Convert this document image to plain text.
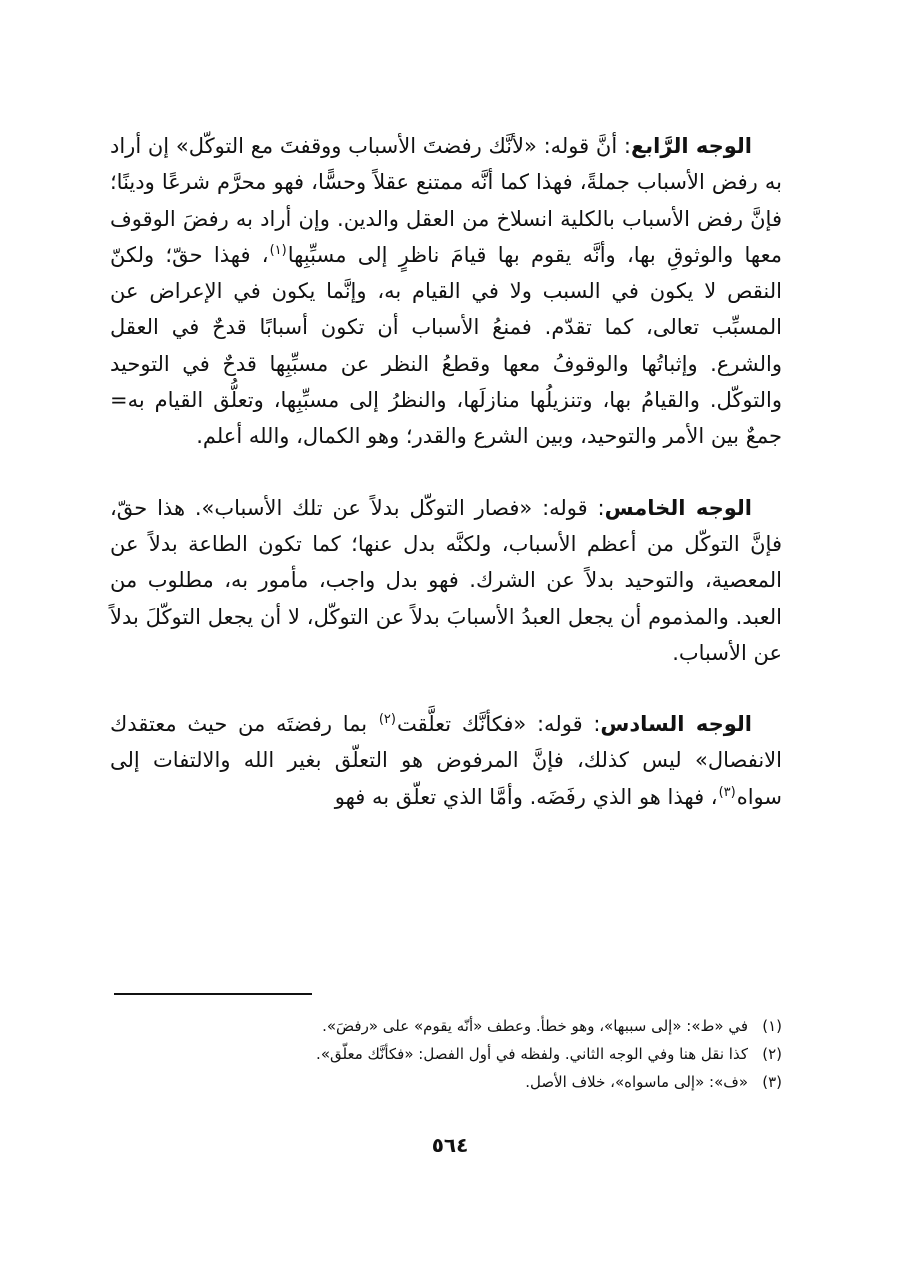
الوجه الرَّابع: أنَّ قوله: «لأنَّك رفضتَ الأسباب ووقفتَ مع التوكّل» إن أراد به رفض الأسباب جملةً، فهذا كما أنَّه ممتنع عقلاً وحسًّا، فهو محرَّم شرعًا ودينًا؛ فإنَّ رفض الأسباب بالكلية انسلاخ من العقل والدين. وإن أراد به رفضَ الوقوف معها والوثوقِ بها، وأنَّه يقوم بها قيامَ ناظرٍ إلى مسبِّبِها$^{(١)}$، فهذا حقّ؛ ولكنّ النقص لا يكون في السبب ولا في القيام به، وإنَّما يكون في الإعراض عن المسبِّب تعالى، كما تقدّم. فمنعُ الأسباب أن تكون أسبابًا قدحٌ في العقل والشرع. وإثباتُها والوقوفُ معها وقطعُ النظر عن مسبِّبِها قدحٌ في التوحيد والتوكّل. والقيامُ بها، وتنزيلُها منازلَها، والنظرُ إلى مسبِّبِها، وتعلُّق القيام به= جمعٌ بين الأمر والتوحيد، وبين الشرع والقدر؛ وهو الكمال، والله أعلم.

الوجه الخامس: قوله: «فصار التوكّل بدلاً عن تلك الأسباب». هذا حقّ، فإنَّ التوكّل من أعظم الأسباب، ولكنَّه بدل عنها؛ كما تكون الطاعة بدلاً عن المعصية، والتوحيد بدلاً عن الشرك. فهو بدل واجب، مأمور به، مطلوب من العبد. والمذموم أن يجعل العبدُ الأسبابَ بدلاً عن التوكّل، لا أن يجعل التوكّلَ بدلاً عن الأسباب.

الوجه السادس: قوله: «فكأنَّك تعلَّقت$^{(٢)}$ بما رفضتَه من حيث معتقدك الانفصال» ليس كذلك، فإنَّ المرفوض هو التعلّق بغير الله والالتفات إلى سواه$^{(٣)}$، فهذا هو الذي رفَضَه. وأمَّا الذي تعلّق به فهو

(١)في «ط»: «إلى سببها»، وهو خطأ. وعطف «أنّه يقوم» على «رفضَ».
(٢)كذا نقل هنا وفي الوجه الثاني. ولفظه في أول الفصل: «فكأنَّك معلّق».
(٣)«ف»: «إلى ماسواه»، خلاف الأصل.
٥٦٤
